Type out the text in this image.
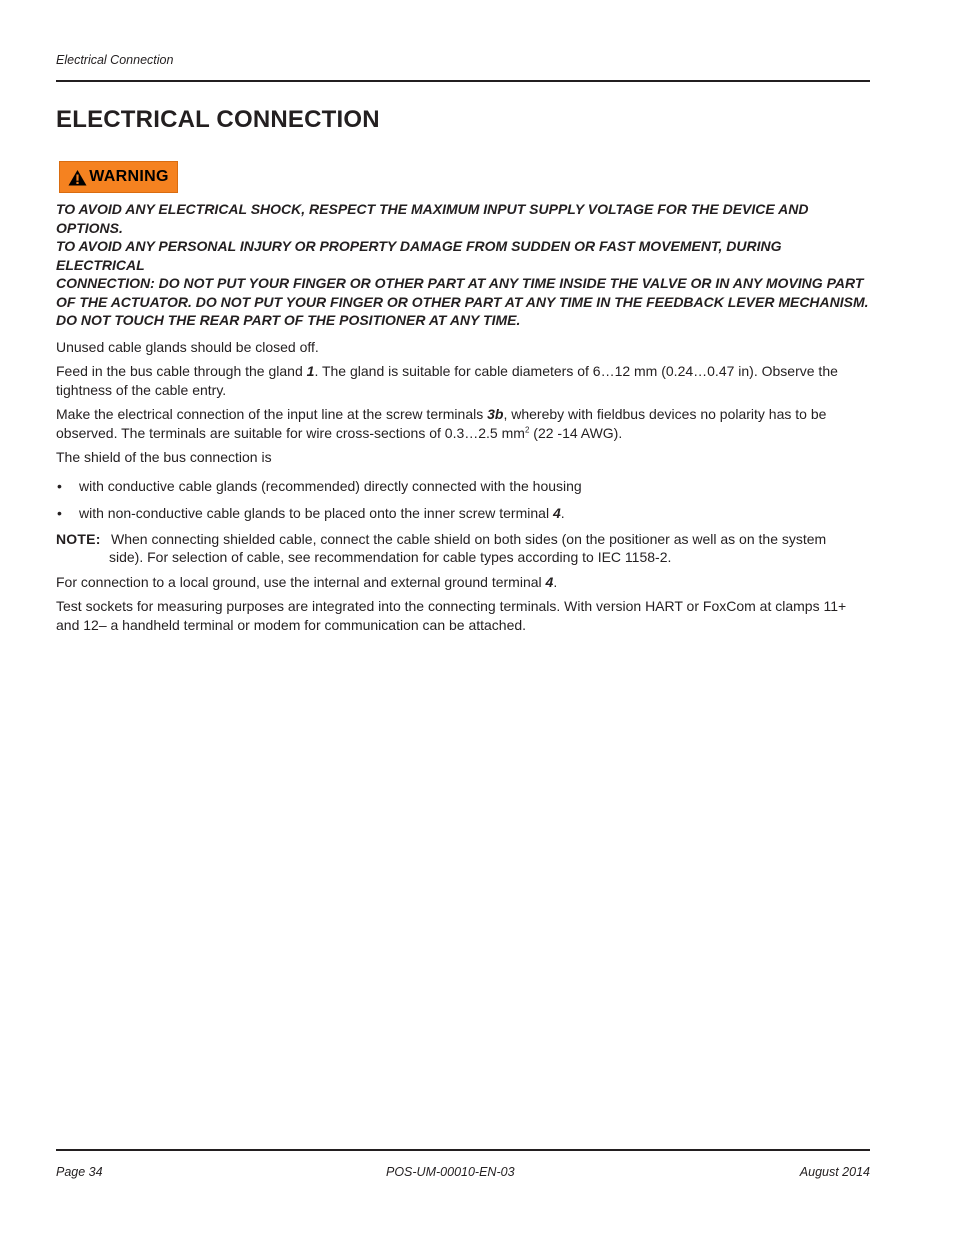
Electrical Connection
ELECTRICAL CONNECTION
WARNING
TO AVOID ANY ELECTRICAL SHOCK, RESPECT THE MAXIMUM INPUT SUPPLY VOLTAGE FOR THE DEVICE AND OPTIONS.
TO AVOID ANY PERSONAL INJURY OR PROPERTY DAMAGE FROM SUDDEN OR FAST MOVEMENT, DURING ELECTRICAL
CONNECTION: DO NOT PUT YOUR FINGER OR OTHER PART AT ANY TIME INSIDE THE VALVE OR IN ANY MOVING PART
OF THE ACTUATOR. DO NOT PUT YOUR FINGER OR OTHER PART AT ANY TIME IN THE FEEDBACK LEVER MECHANISM.
DO NOT TOUCH THE REAR PART OF THE POSITIONER AT ANY TIME.

Unused cable glands should be closed off.

Feed in the bus cable through the gland 1. The gland is suitable for cable diameters of 6…12 mm (0.24…0.47 in). Observe the tightness of the cable entry.

Make the electrical connection of the input line at the screw terminals 3b, whereby with fieldbus devices no polarity has to be observed. The terminals are suitable for wire cross-sections of 0.3…2.5 $mm^2$ (22 -14 AWG).

The shield of the bus connection is

• with conductive cable glands (recommended) directly connected with the housing
• with non-conductive cable glands to be placed onto the inner screw terminal 4.
NOTE: When connecting shielded cable, connect the cable shield on both sides (on the positioner as well as on the system
side). For selection of cable, see recommendation for cable types according to IEC 1158-2.

For connection to a local ground, use the internal and external ground terminal 4.

Test sockets for measuring purposes are integrated into the connecting terminals. With version HART or FoxCom at clamps 11+ and 12– a handheld terminal or modem for communication can be attached.

Page 34	POS-UM-00010-EN-03	August 2014
